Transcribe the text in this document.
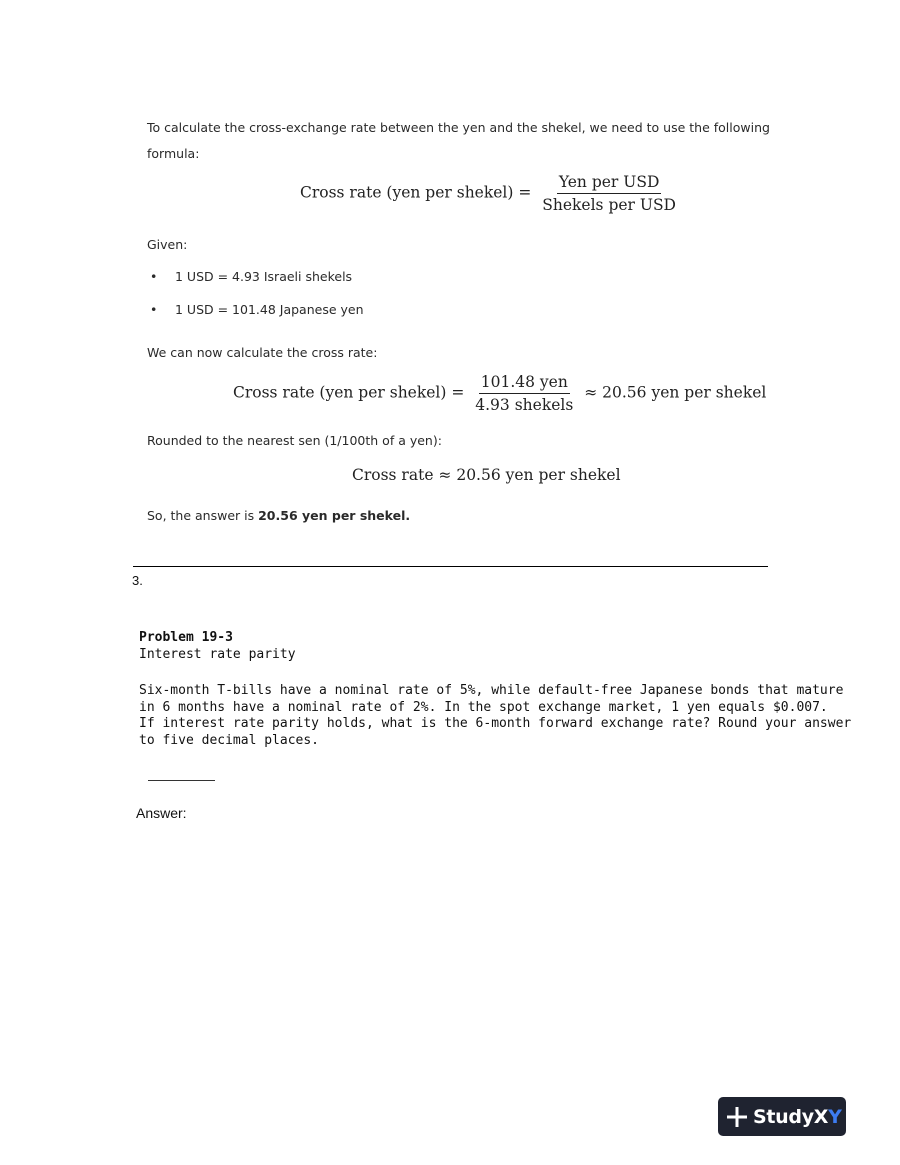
To calculate the cross-exchange rate between the yen and the shekel, we need to use the following
formula:
Cross rate (yen per shekel) = $\frac{\text{Yen per USD}}{\text{Shekels per USD}}$
Given:
• 1 USD = 4.93 Israeli shekels
• 1 USD = 101.48 Japanese yen
We can now calculate the cross rate:
Cross rate (yen per shekel) = $\frac{\text{101.48 yen}}{\text{4.93 shekels}} \approx 20.56$ yen per shekel
Rounded to the nearest sen (1/100th of a yen):
Cross rate ≈ 20.56 yen per shekel
So, the answer is 20.56 yen per shekel.
3.
Problem 19-3
Interest rate parity
Six-month T-bills have a nominal rate of 5%, while default-free Japanese bonds that mature
in 6 months have a nominal rate of 2%. In the spot exchange market, 1 yen equals $0.007.
If interest rate parity holds, what is the 6-month forward exchange rate? Round your answer
to five decimal places.
Answer:
StudyX Y
